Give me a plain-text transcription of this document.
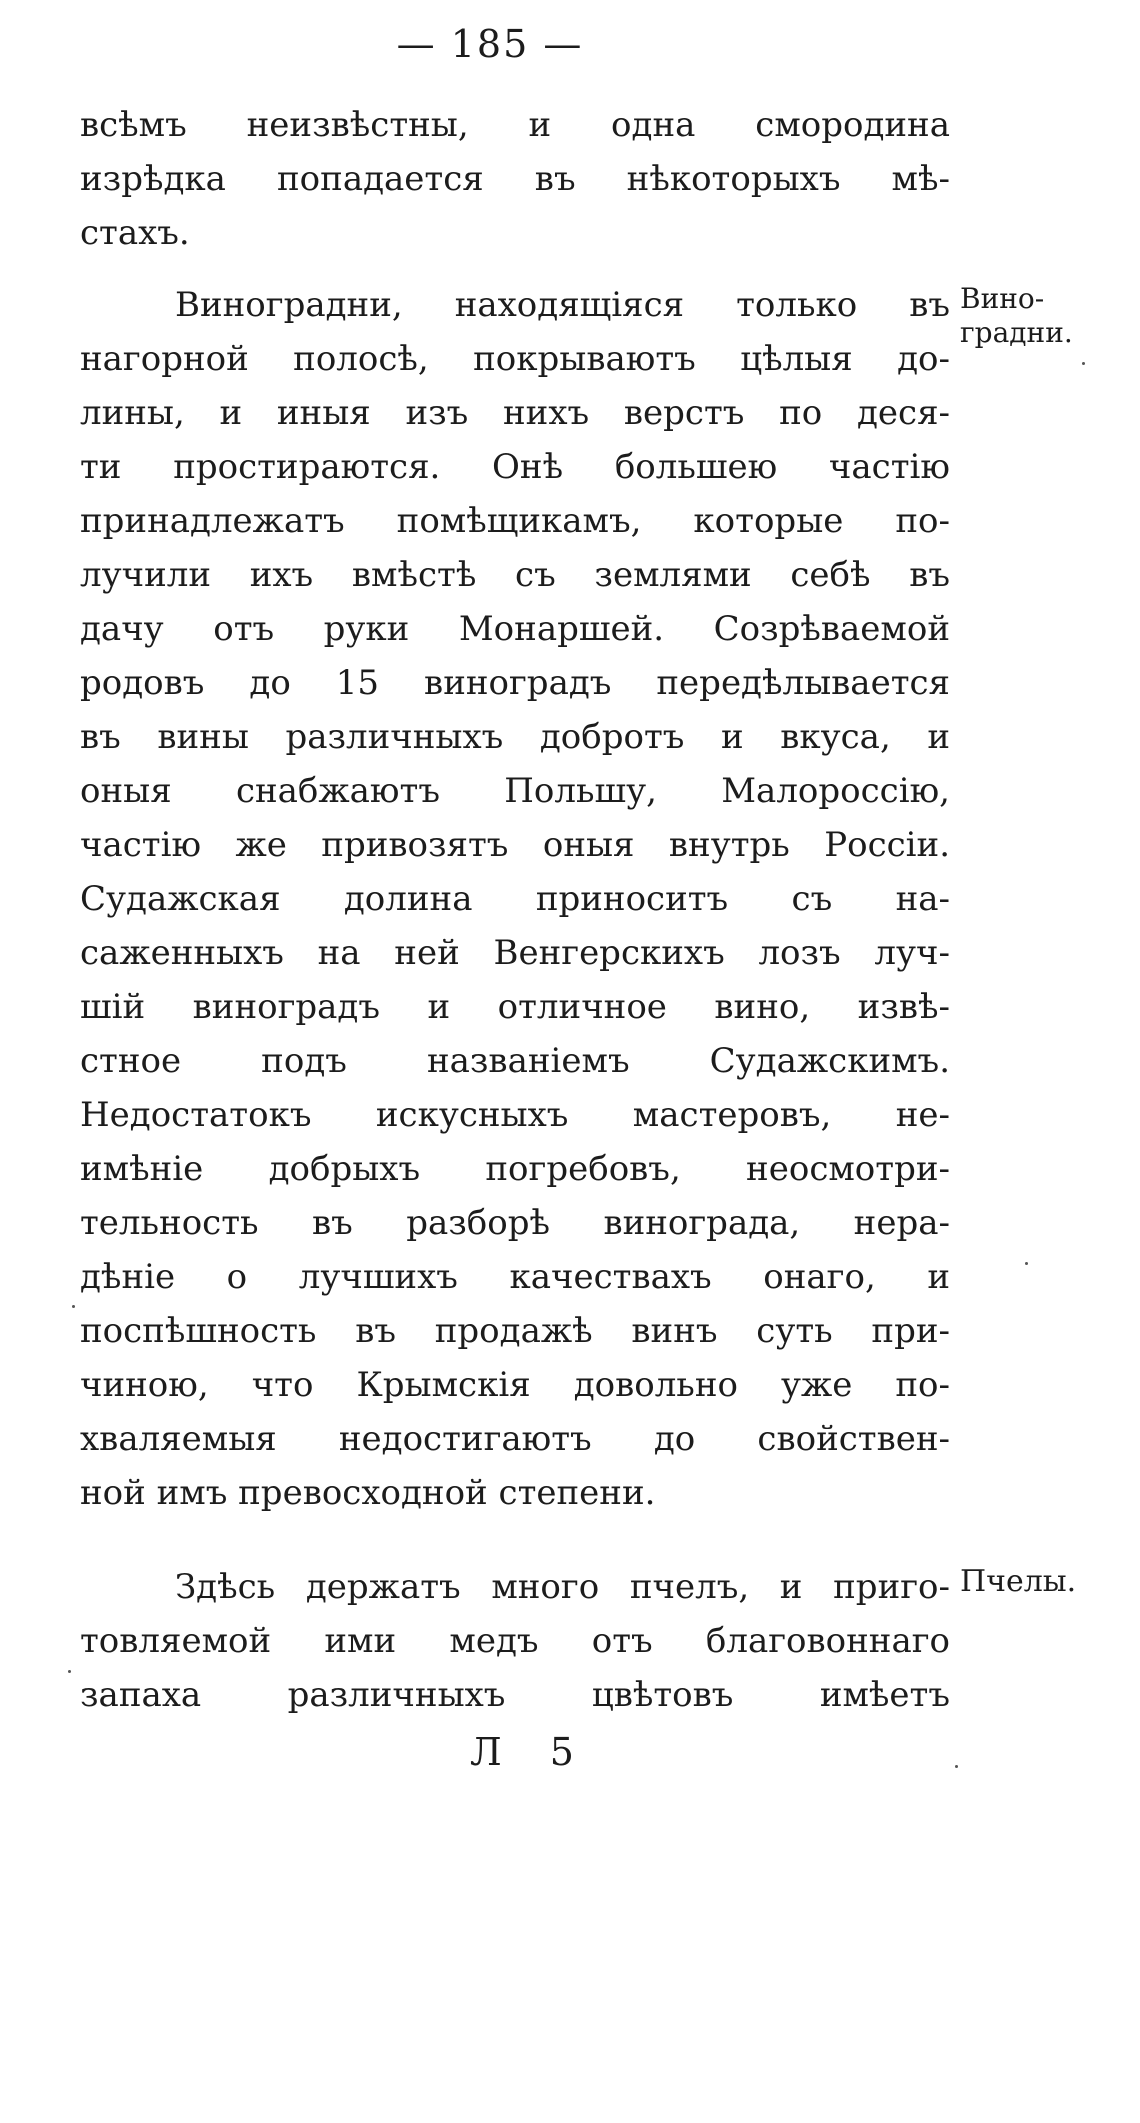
— 185 —
всѣмъ неизвѣстны, и одна смородина
изрѣдка попадается въ нѣкоторыхъ мѣ-
стахъ.
Вино-
градни.
Виноградни, находящіяся только въ
нагорной полосѣ, покрываютъ цѣлыя до-
лины, и иныя изъ нихъ верстъ по деся-
ти простираются. Онѣ большею частію
принадлежатъ помѣщикамъ, которые по-
лучили ихъ вмѣстѣ съ землями себѣ въ
дачу отъ руки Монаршей. Созрѣваемой
родовъ до 15 виноградъ передѣлывается
въ вины различныхъ добротъ и вкуса, и
оныя снабжаютъ Польшу, Малороссію,
частію же привозятъ оныя внутрь Россіи.
Судажская долина приноситъ съ на-
саженныхъ на ней Венгерскихъ лозъ луч-
шій виноградъ и отличное вино, извѣ-
стное подъ названіемъ Судажскимъ.
Недостатокъ искусныхъ мастеровъ, не-
имѣніе добрыхъ погребовъ, неосмотри-
тельность въ разборѣ винограда, нера-
дѣніе о лучшихъ качествахъ онаго, и
поспѣшность въ продажѣ винъ суть при-
чиною, что Крымскія довольно уже по-
хваляемыя недостигаютъ до свойствен-
ной имъ превосходной степени.
Пчелы.
Здѣсь держатъ много пчелъ, и приго-
товляемой ими медъ отъ благовоннаго
запаха различныхъ цвѣтовъ имѣетъ
Л 5
